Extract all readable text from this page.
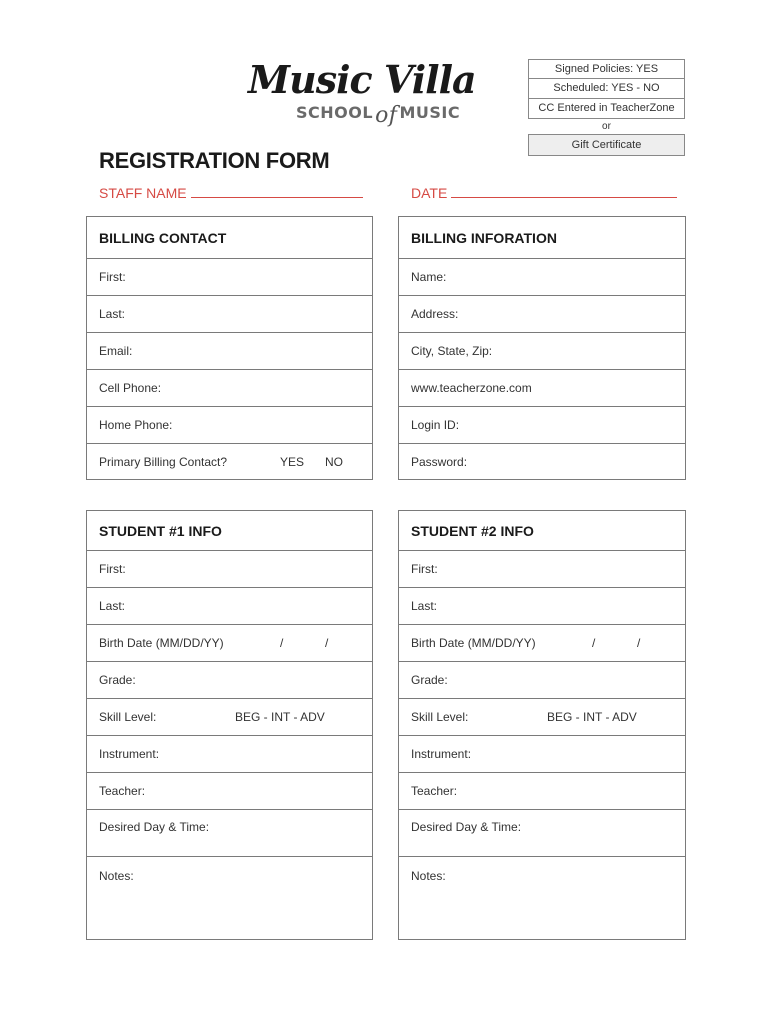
Music Villa
SCHOOLof MUSIC
Signed Policies: YES
Scheduled: YES - NO
CC Entered in TeacherZone
or
Gift Certificate
REGISTRATION FORM
STAFF NAME	DATE
BILLING CONTACT
First:
Last:
Email:
Cell Phone:
Home Phone:
Primary Billing Contact?	YES NO
BILLING INFORATION
Name:
Address:
City, State, Zip:
www.teacherzone.com
Login ID:
Password:
STUDENT #1 INFO
First:
Last:
Birth Date (MM/DD/YY)	/	/
Grade:
Skill Level:	BEG - INT - ADV
Instrument:
Teacher:
Desired Day & Time:
Notes:
STUDENT #2 INFO
First:
Last:
Birth Date (MM/DD/YY)	/	/
Grade:
Skill Level:	BEG - INT - ADV
Instrument:
Teacher:
Desired Day & Time:
Notes:
